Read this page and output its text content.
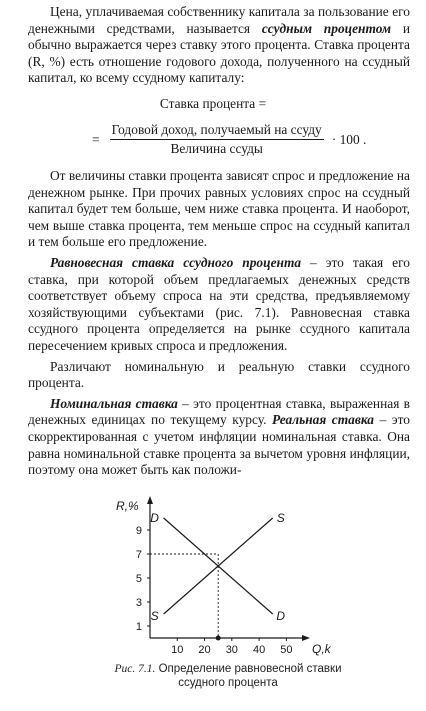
Цена, уплачиваемая собственнику капитала за пользование его денежными средствами, называется ссудным процентом и обычно выражается через ставку этого процента. Ставка процента (R, %) есть отношение годового дохода, полученного на ссудный капитал, ко всему ссудному капиталу:

Ставка процента =
= $\frac{\text{Годовой доход, получаемый на ссуду}}{\text{Величина ссуды}} \cdot 100$ .

От величины ставки процента зависят спрос и предложение на денежном рынке. При прочих равных условиях спрос на ссудный капитал будет тем больше, чем ниже ставка процента. И наоборот, чем выше ставка процента, тем меньше спрос на ссудный капитал и тем больше его предложение.

Равновесная ставка ссудного процента – это такая его ставка, при которой объем предлагаемых денежных средств соответствует объему спроса на эти средства, предъявляемому хозяйствующими субъектами (рис. 7.1). Равновесная ставка ссудного процента определяется на рынке ссудного капитала пересечением кривых спроса и предложения.

Различают номинальную и реальную ставки ссудного процента.

Номинальная ставка – это процентная ставка, выраженная в денежных единицах по текущему курсу. Реальная ставка – это скорректированная с учетом инфляции номинальная ставка. Она равна номинальной ставке процента за вычетом уровня инфляции, поэтому она может быть как положи-

10 20 30 40 50
1
3
5
7
9
D
D
S
S
R,%
Q,k
Рис. 7.1. Определение равновесной ставки ссудного процента
